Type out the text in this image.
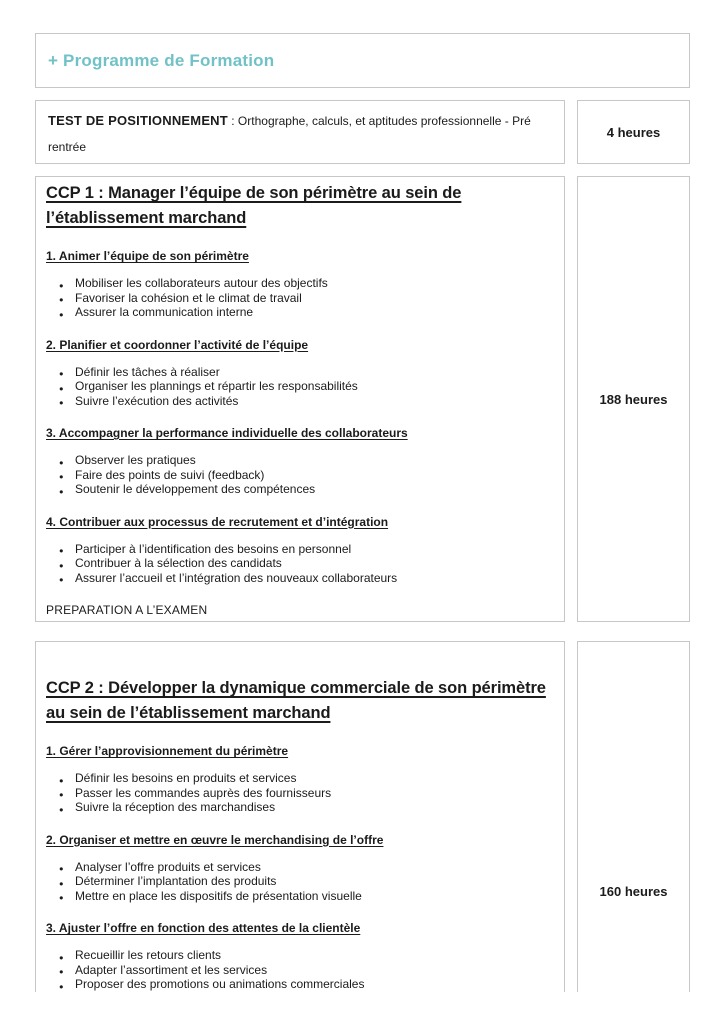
+ Programme de Formation
TEST DE POSITIONNEMENT : Orthographe, calculs, et aptitudes professionnelle - Pré
rentrée
4 heures
CCP 1 : Manager l’équipe de son périmètre au sein de l’établissement marchand
1. Animer l’équipe de son périmètre
● Mobiliser les collaborateurs autour des objectifs
● Favoriser la cohésion et le climat de travail
● Assurer la communication interne
2. Planifier et coordonner l’activité de l’équipe
● Définir les tâches à réaliser
● Organiser les plannings et répartir les responsabilités
● Suivre l’exécution des activités
3. Accompagner la performance individuelle des collaborateurs
● Observer les pratiques
● Faire des points de suivi (feedback)
● Soutenir le développement des compétences
4. Contribuer aux processus de recrutement et d’intégration
● Participer à l’identification des besoins en personnel
● Contribuer à la sélection des candidats
● Assurer l’accueil et l’intégration des nouveaux collaborateurs

PREPARATION A L’EXAMEN

188 heures
CCP 2 : Développer la dynamique commerciale de son périmètre au sein de l’établissement marchand
1. Gérer l’approvisionnement du périmètre
● Définir les besoins en produits et services
● Passer les commandes auprès des fournisseurs
● Suivre la réception des marchandises
2. Organiser et mettre en œuvre le merchandising de l’offre
● Analyser l’offre produits et services
● Déterminer l’implantation des produits
● Mettre en place les dispositifs de présentation visuelle
3. Ajuster l’offre en fonction des attentes de la clientèle
● Recueillir les retours clients
● Adapter l’assortiment et les services
● Proposer des promotions ou animations commerciales
160 heures
